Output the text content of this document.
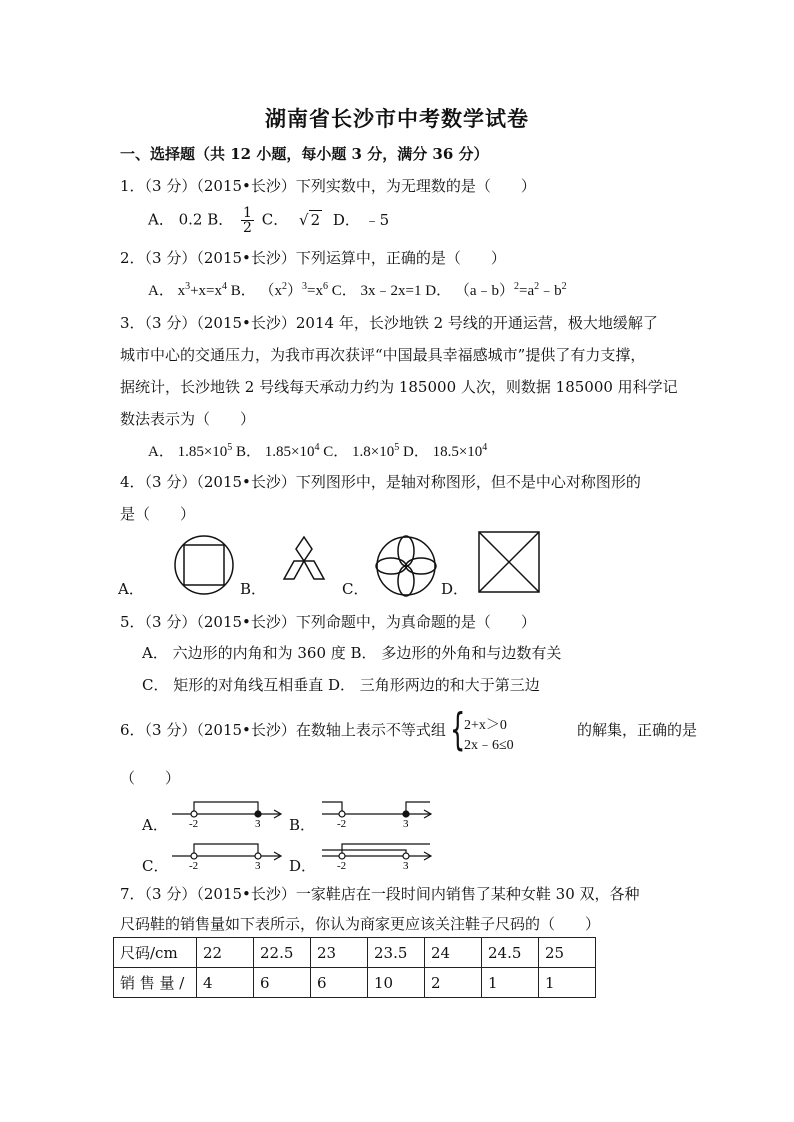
湖南省长沙市中考数学试卷
一、选择题（共 12 小题，每小题 3 分，满分 36 分）
1．（3 分）（2015•长沙）下列实数中，为无理数的是（　　）
A． 0.2 B． $\frac{1}{2}$ C． √ 2 D． ﹣5
2．（3 分）（2015•长沙）下列运算中，正确的是（　　）
A． $x^3+x=x^4$ B． $(x^2)^3=x^6$ C． 3x﹣2x=1 D． $(a﹣b)^2=a^2﹣b^2$
3．（3 分）（2015•长沙）2014 年，长沙地铁 2 号线的开通运营，极大地缓解了
城市中心的交通压力，为我市再次获评“中国最具幸福感城市”提供了有力支撑，
据统计，长沙地铁 2 号线每天承动力约为 185000 人次，则数据 185000 用科学记
数法表示为（　　）
A． $1.85\times 10^5$ B． $1.85\times 10^4$ C． $1.8\times 10^5$ D． $18.5\times 10^4$
4．（3 分）（2015•长沙）下列图形中，是轴对称图形，但不是中心对称图形的
是（　　）
A．	B．	C．	D．
5．（3 分）（2015•长沙）下列命题中，为真命题的是（　　）
A． 六边形的内角和为 360 度 B． 多边形的外角和与边数有关
C． 矩形的对角线互相垂直 D． 三角形两边的和大于第三边
6．（3 分）（2015•长沙）在数轴上表示不等式组 {
2+x＞0
2x﹣6≤0
的解集，正确的是
（　　）
A． -2	3 B． -2	3
C． -2	3 D． -2	3
7．（3 分）（2015•长沙）一家鞋店在一段时间内销售了某种女鞋 30 双，各种
尺码鞋的销售量如下表所示，你认为商家更应该关注鞋子尺码的（　　）
尺码/cm	22	22.5	23	23.5	24	24.5	25
销 售 量 /	4	6	6	10	2	1	1
